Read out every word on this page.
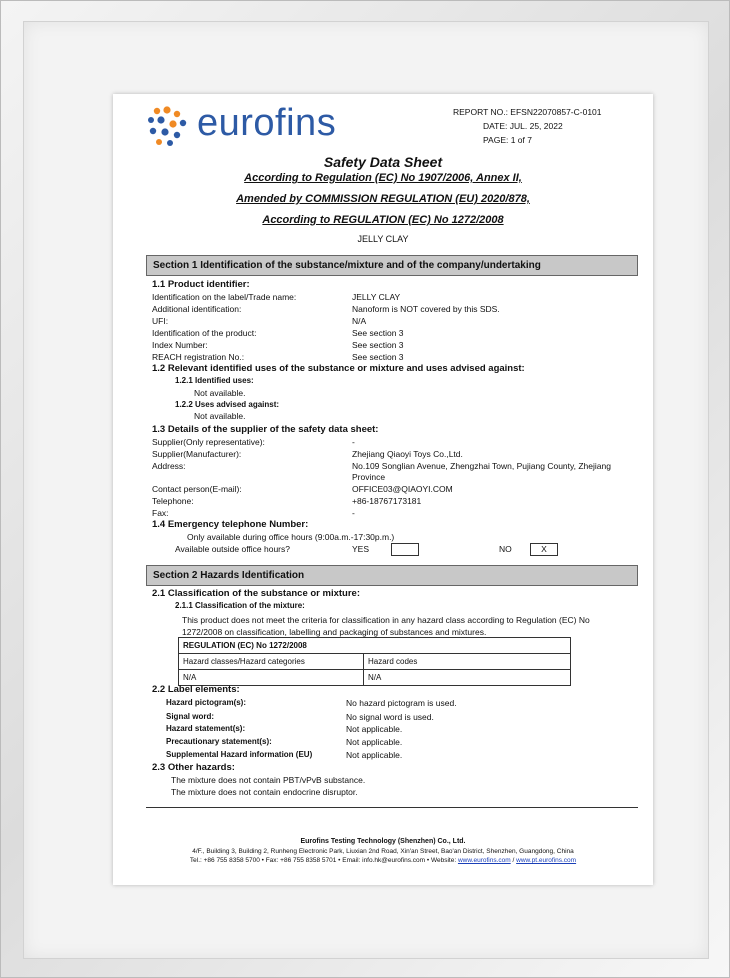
eurofins	REPORT NO.: EFSN22070857-C-0101
DATE: JUL. 25, 2022
PAGE: 1 of 7
Safety Data Sheet
According to Regulation (EC) No 1907/2006, Annex II,
Amended by COMMISSION REGULATION (EU) 2020/878,
According to REGULATION (EC) No 1272/2008
JELLY CLAY
Section 1 Identification of the substance/mixture and of the company/undertaking
1.1 Product identifier:
Identification on the label/Trade name:	JELLY CLAY
Additional identification:	Nanoform is NOT covered by this SDS.
UFI:	N/A
Identification of the product:	See section 3
Index Number:	See section 3
REACH registration No.:	See section 3
1.2 Relevant identified uses of the substance or mixture and uses advised against:
1.2.1 Identified uses:
Not available.
1.2.2 Uses advised against:
Not available.
1.3 Details of the supplier of the safety data sheet:
Supplier(Only representative):	-
Supplier(Manufacturer):	Zhejiang Qiaoyi Toys Co.,Ltd.
Address:	No.109 Songlian Avenue, Zhengzhai Town, Pujiang County, Zhejiang
Province
Contact person(E-mail):	OFFICE03@QIAOYI.COM
Telephone:	+86-18767173181
Fax:	-
1.4 Emergency telephone Number:
Only available during office hours (9:00a.m.-17:30p.m.)
Available outside office hours?	YES	NO	X
Section 2 Hazards Identification
2.1 Classification of the substance or mixture:
2.1.1 Classification of the mixture:
This product does not meet the criteria for classification in any hazard class according to Regulation (EC) No
1272/2008 on classification, labelling and packaging of substances and mixtures.
REGULATION (EC) No 1272/2008	
Hazard classes/Hazard categories	Hazard codes
N/A	N/A
2.2 Label elements:
Hazard pictogram(s):	No hazard pictogram is used.
Signal word:	No signal word is used.
Hazard statement(s):	Not applicable.
Precautionary statement(s):	Not applicable.
Supplemental Hazard information (EU)	Not applicable.
2.3 Other hazards:
The mixture does not contain PBT/vPvB substance.
The mixture does not contain endocrine disruptor.
Eurofins Testing Technology (Shenzhen) Co., Ltd.
4/F., Building 3, Building 2, Runheng Electronic Park, Liuxian 2nd Road, Xin'an Street, Bao'an District, Shenzhen, Guangdong, China
Tel.: +86 755 8358 5700 • Fax: +86 755 8358 5701 • Email: info.hk@eurofins.com • Website: www.eurofins.com / www.pt.eurofins.com
